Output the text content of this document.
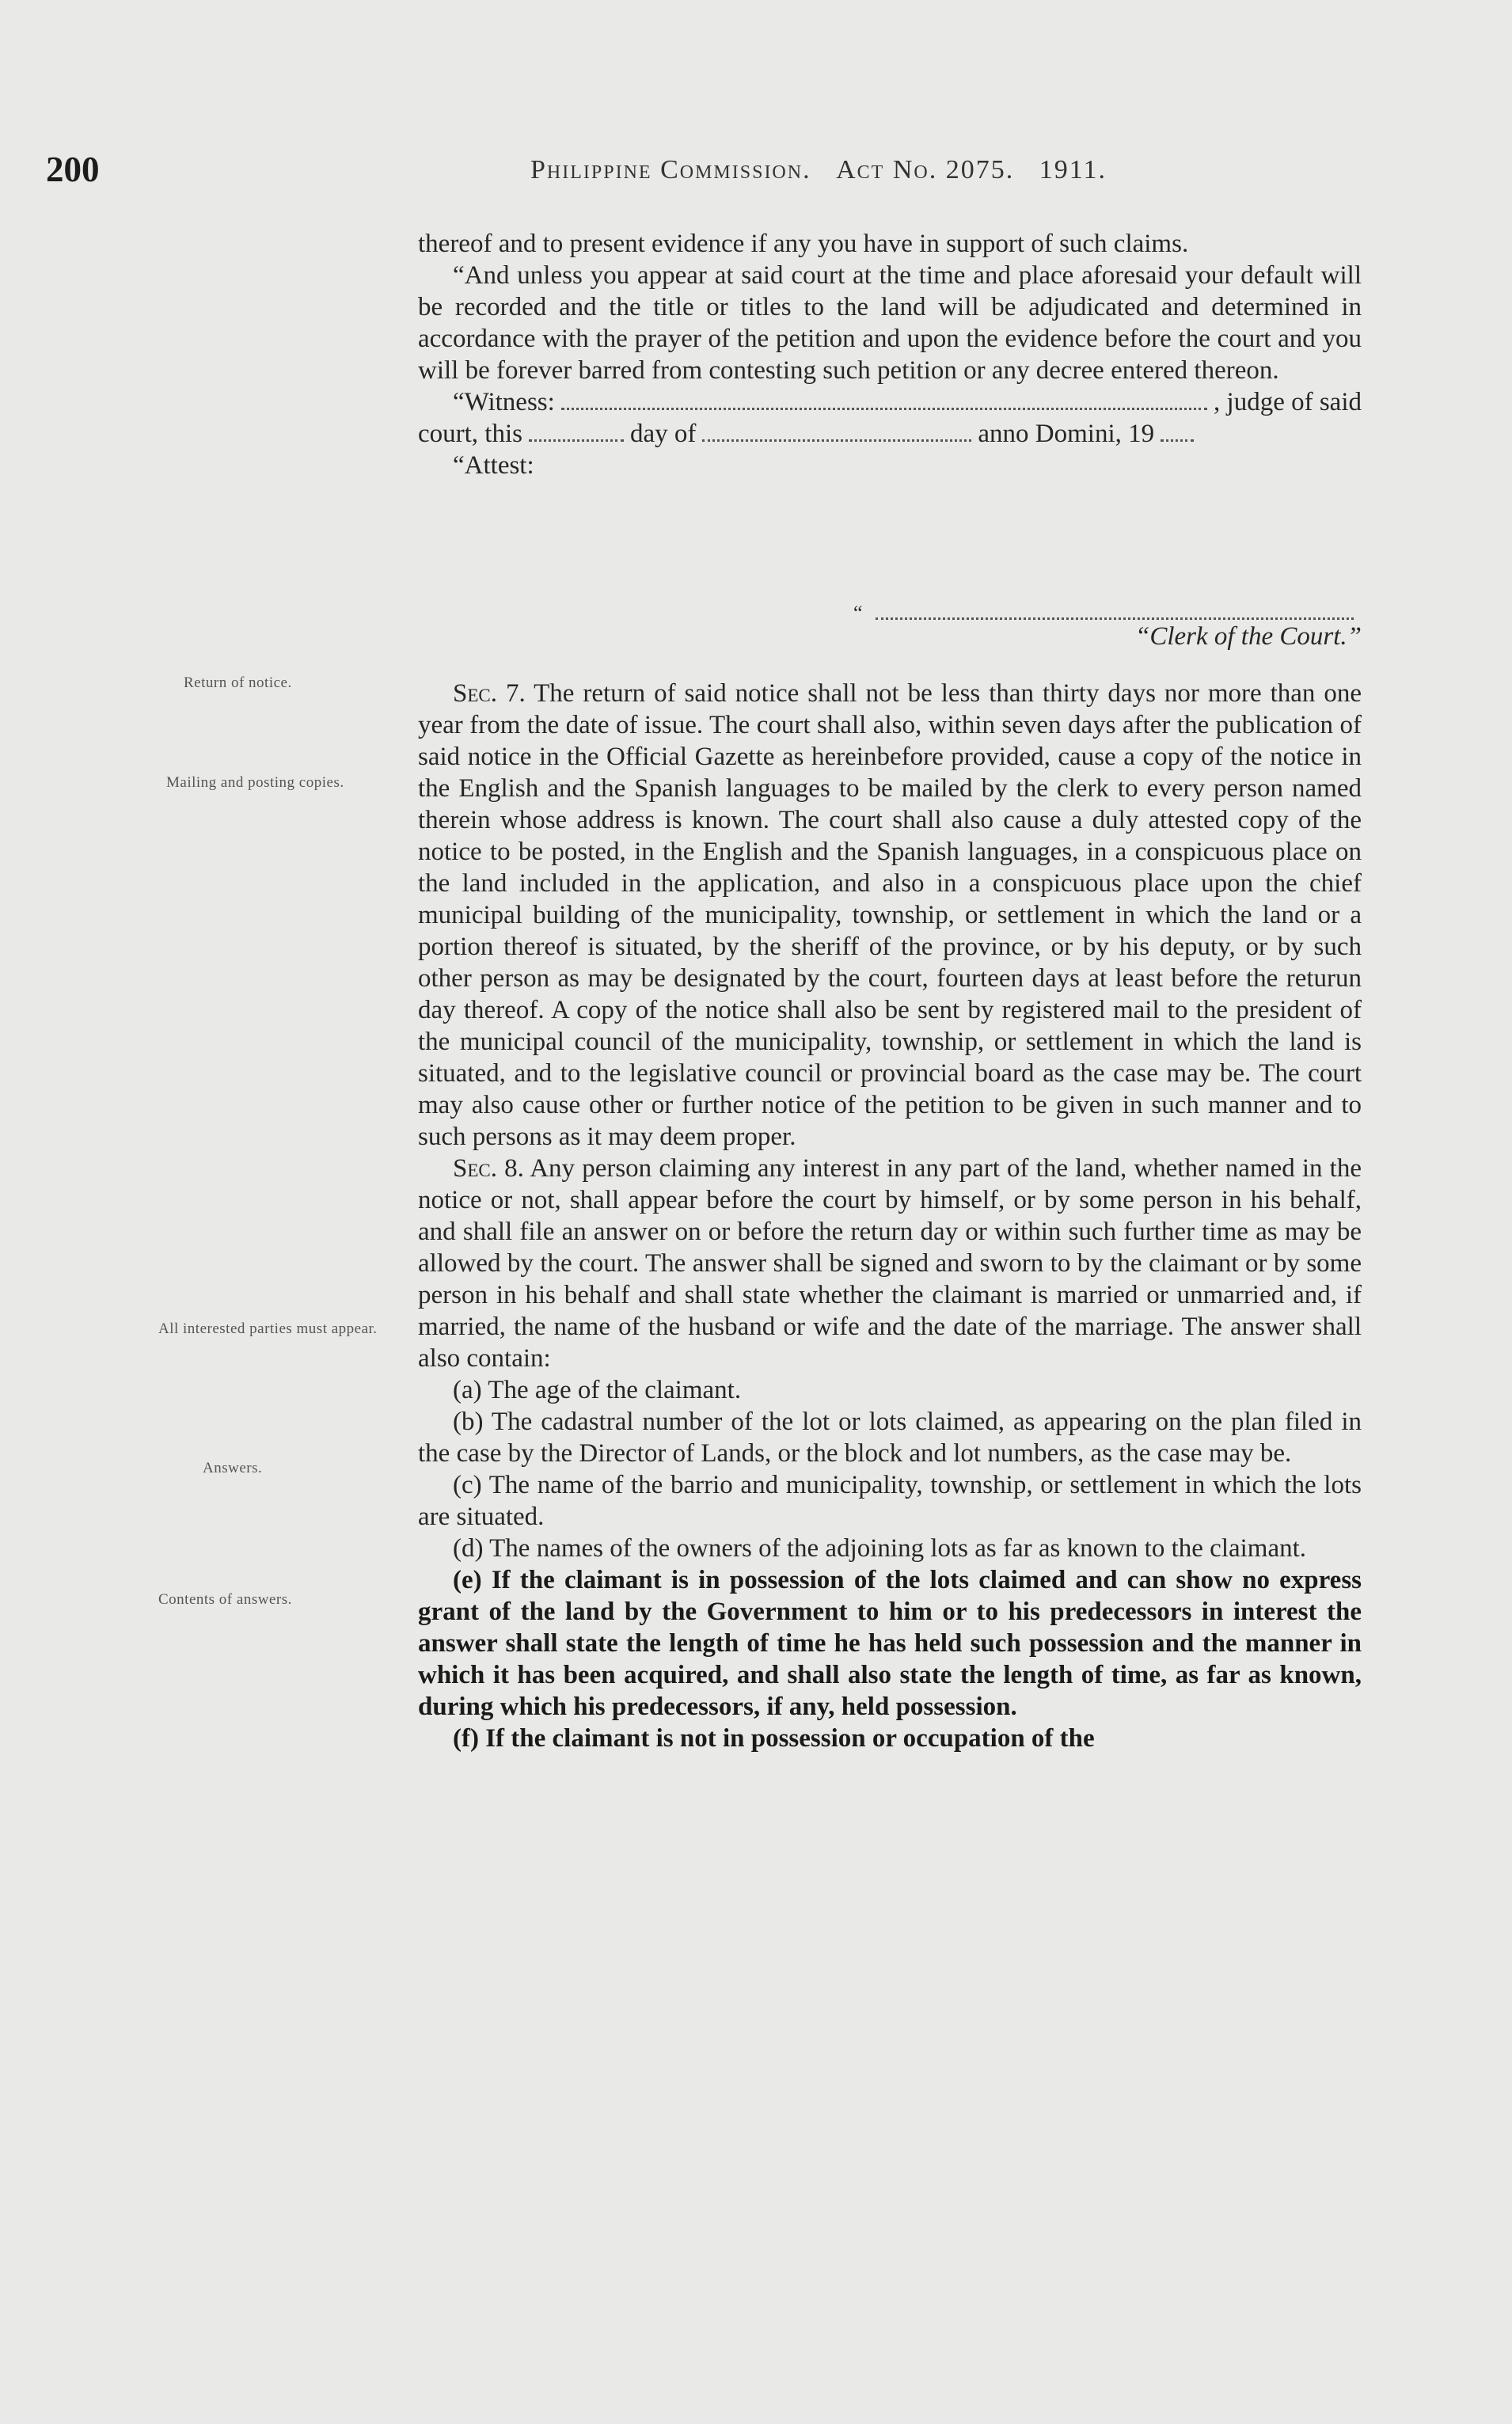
200	Philippine Commission. Act No. 2075. 1911.

thereof and to present evidence if any you have in support of such claims.

“And unless you appear at said court at the time and place aforesaid your default will be recorded and the title or titles to the land will be adjudicated and determined in accordance with the prayer of the petition and upon the evidence before the court and you will be forever barred from contesting such petition or any decree entered thereon.

“Witness:	, judge of said
court, this	day of	anno Domini, 19

“Attest:

“
“Clerk of the Court.”
Return of notice.
Mailing and posting copies.
All interested parties must appear.
Answers.
Contents of answers.

Sec. 7. The return of said notice shall not be less than thirty days nor more than one year from the date of issue. The court shall also, within seven days after the publication of said notice in the Official Gazette as hereinbefore provided, cause a copy of the notice in the English and the Spanish languages to be mailed by the clerk to every person named therein whose address is known. The court shall also cause a duly attested copy of the notice to be posted, in the English and the Spanish languages, in a conspicuous place on the land included in the application, and also in a conspicuous place upon the chief municipal building of the municipality, township, or settlement in which the land or a portion thereof is situated, by the sheriff of the province, or by his deputy, or by such other person as may be designated by the court, fourteen days at least before the returun day thereof. A copy of the notice shall also be sent by registered mail to the president of the municipal council of the municipality, township, or settlement in which the land is situated, and to the legislative council or provincial board as the case may be. The court may also cause other or further notice of the petition to be given in such manner and to such persons as it may deem proper.

Sec. 8. Any person claiming any interest in any part of the land, whether named in the notice or not, shall appear before the court by himself, or by some person in his behalf, and shall file an answer on or before the return day or within such further time as may be allowed by the court. The answer shall be signed and sworn to by the claimant or by some person in his behalf and shall state whether the claimant is married or unmarried and, if married, the name of the husband or wife and the date of the marriage. The answer shall also contain:

(a) The age of the claimant.

(b) The cadastral number of the lot or lots claimed, as appearing on the plan filed in the case by the Director of Lands, or the block and lot numbers, as the case may be.

(c) The name of the barrio and municipality, township, or settlement in which the lots are situated.

(d) The names of the owners of the adjoining lots as far as known to the claimant.

(e) If the claimant is in possession of the lots claimed and can show no express grant of the land by the Government to him or to his predecessors in interest the answer shall state the length of time he has held such possession and the manner in which it has been acquired, and shall also state the length of time, as far as known, during which his predecessors, if any, held possession.

(f) If the claimant is not in possession or occupation of the
